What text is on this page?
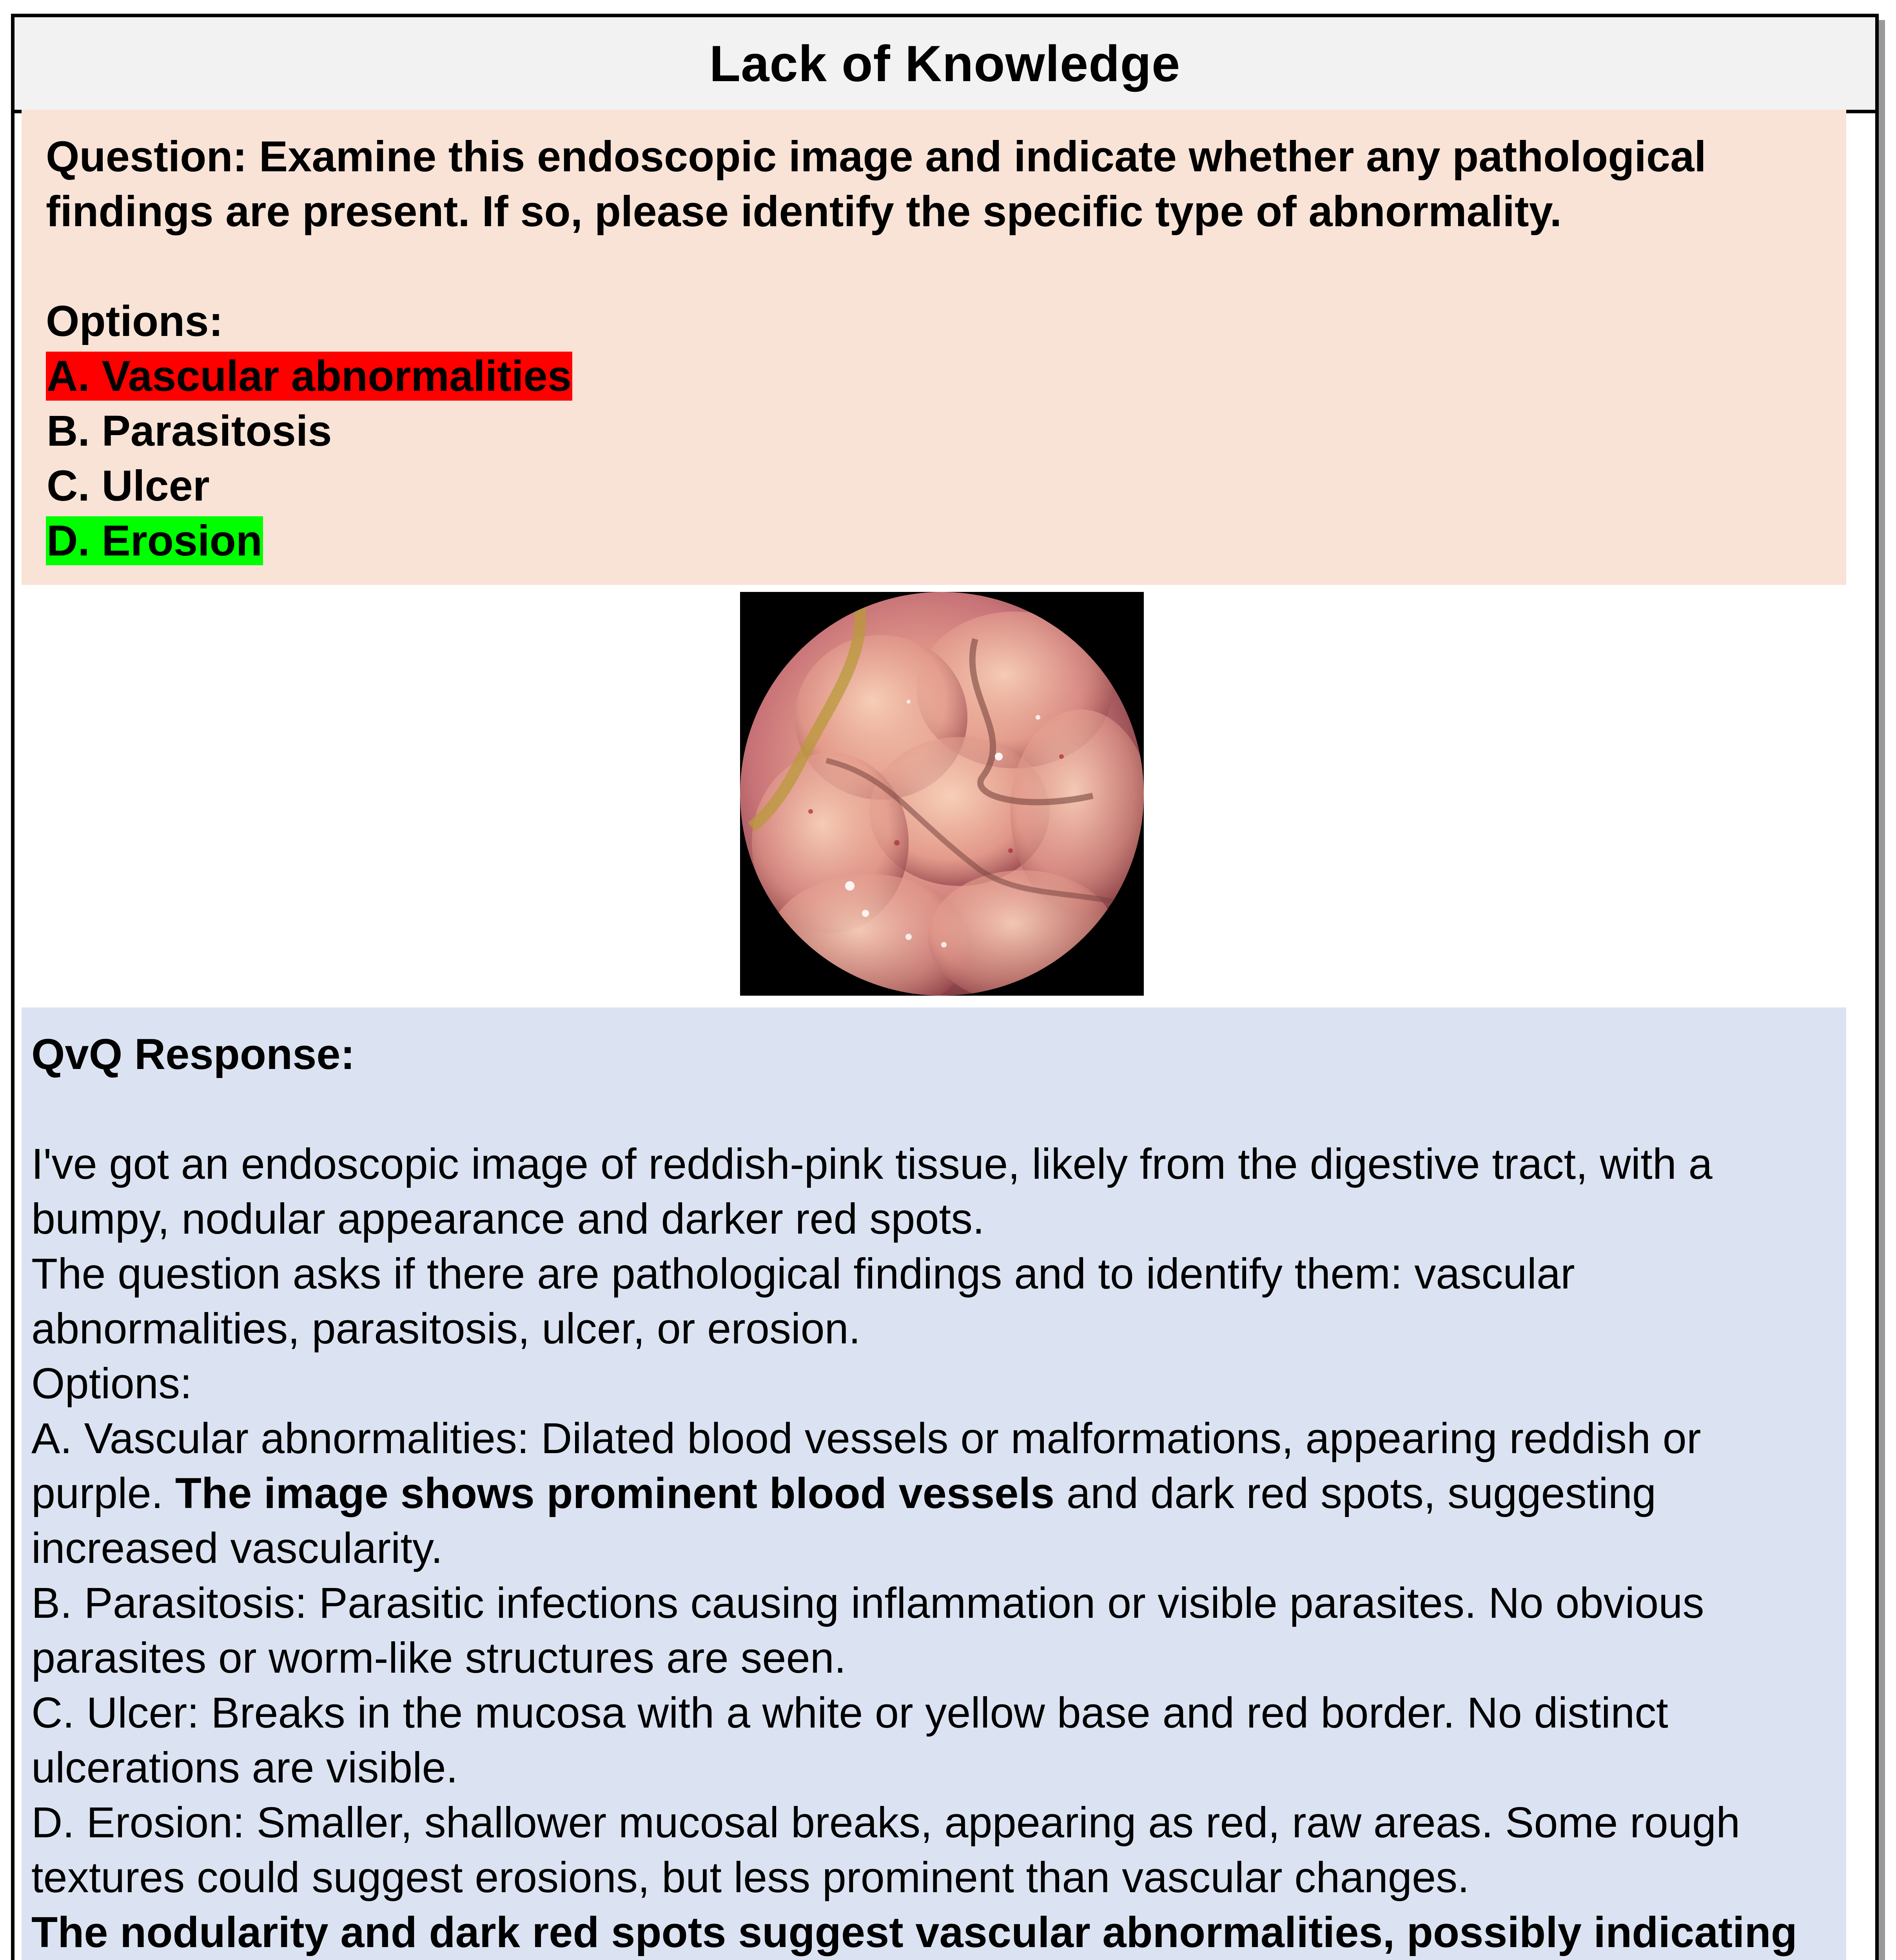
Lack of Knowledge

Question: Examine this endoscopic image and indicate whether any pathological findings are present. If so, please identify the specific type of abnormality.

Options:
A. Vascular abnormalities
B. Parasitosis
C. Ulcer
D. Erosion

QvQ Response:

I've got an endoscopic image of reddish-pink tissue, likely from the digestive tract, with a bumpy, nodular appearance and darker red spots.

The question asks if there are pathological findings and to identify them: vascular abnormalities, parasitosis, ulcer, or erosion.

Options:

A. Vascular abnormalities: Dilated blood vessels or malformations, appearing reddish or purple. The image shows prominent blood vessels and dark red spots, suggesting increased vascularity.

B. Parasitosis: Parasitic infections causing inflammation or visible parasites. No obvious parasites or worm-like structures are seen.

C. Ulcer: Breaks in the mucosa with a white or yellow base and red border. No distinct ulcerations are visible.

D. Erosion: Smaller, shallower mucosal breaks, appearing as red, raw areas. Some rough textures could suggest erosions, but less prominent than vascular changes.

The nodularity and dark red spots suggest vascular abnormalities, possibly indicating
